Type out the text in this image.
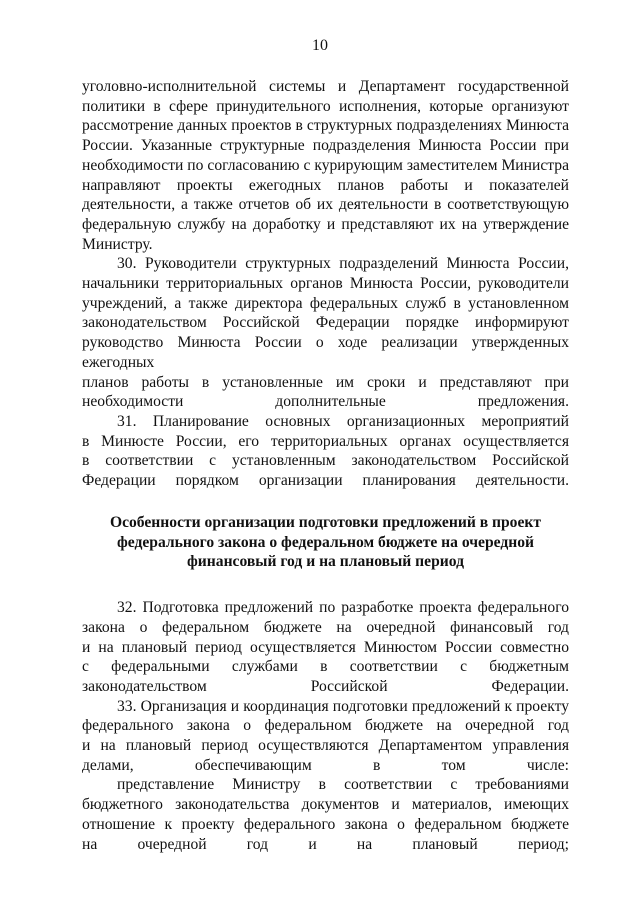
10
уголовно-исполнительной системы и Департамент государственной
политики в сфере принудительного исполнения, которые организуют
рассмотрение данных проектов в структурных подразделениях Минюста
России. Указанные структурные подразделения Минюста России при
необходимости по согласованию с курирующим заместителем Министра
направляют проекты ежегодных планов работы и показателей
деятельности, а также отчетов об их деятельности в соответствующую
федеральную службу на доработку и представляют их на утверждение
Министру.
30. Руководители структурных подразделений Минюста России,
начальники территориальных органов Минюста России, руководители
учреждений, а также директора федеральных служб в установленном
законодательством Российской Федерации порядке информируют
руководство Минюста России о ходе реализации утвержденных ежегодных
планов работы в установленные им сроки и представляют при
необходимости дополнительные предложения.
31. Планирование основных организационных мероприятий
в Минюсте России, его территориальных органах осуществляется
в соответствии с установленным законодательством Российской
Федерации порядком организации планирования деятельности.
Особенности организации подготовки предложений в проект
федерального закона о федеральном бюджете на очередной
финансовый год и на плановый период
32. Подготовка предложений по разработке проекта федерального
закона о федеральном бюджете на очередной финансовый год
и на плановый период осуществляется Минюстом России совместно
с федеральными службами в соответствии с бюджетным
законодательством Российской Федерации.
33. Организация и координация подготовки предложений к проекту
федерального закона о федеральном бюджете на очередной год
и на плановый период осуществляются Департаментом управления
делами, обеспечивающим в том числе:
представление Министру в соответствии с требованиями
бюджетного законодательства документов и материалов, имеющих
отношение к проекту федерального закона о федеральном бюджете
на очередной год и на плановый период;
